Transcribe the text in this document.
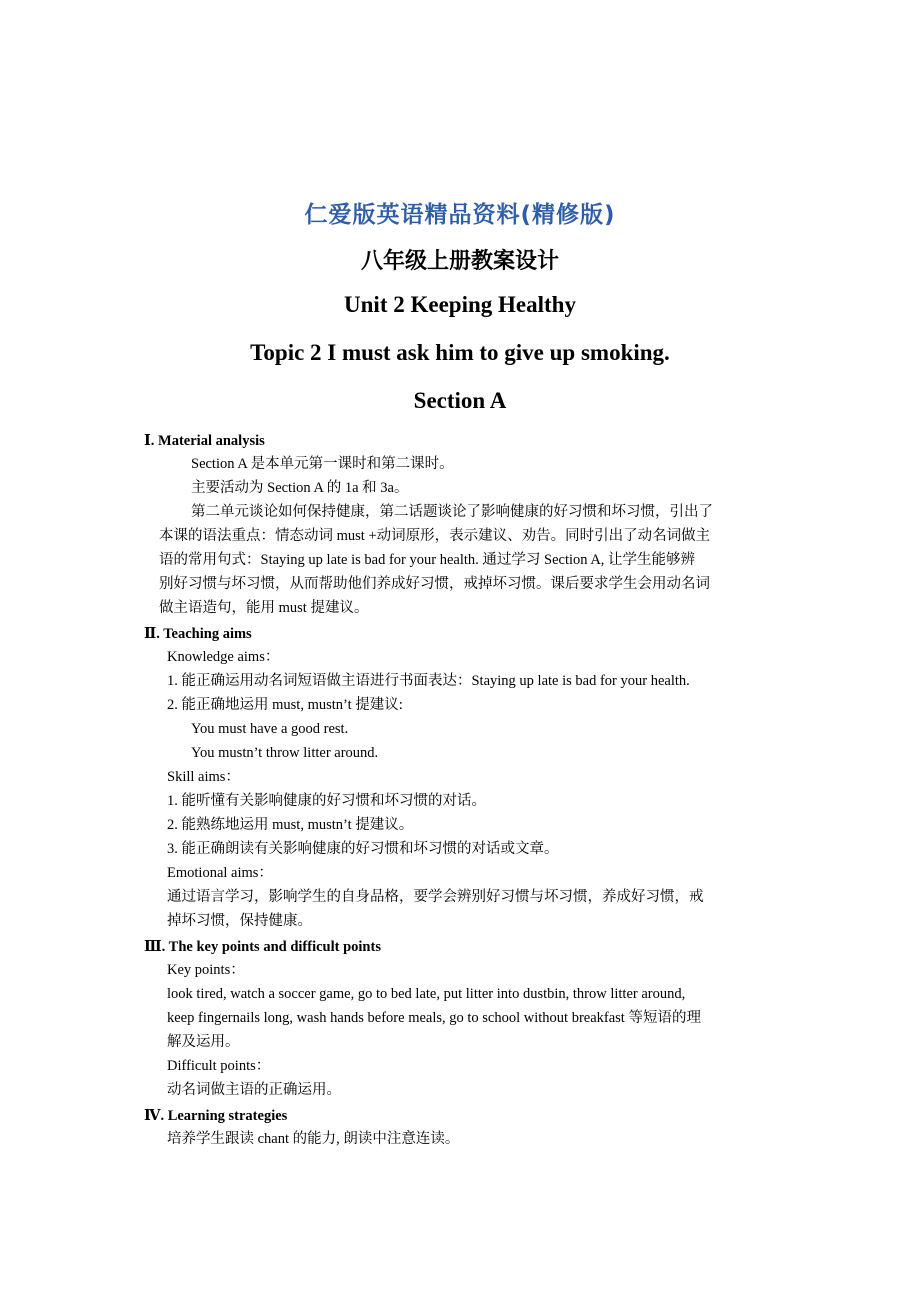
仁爱版英语精品资料(精修版)
八年级上册教案设计
Unit 2 Keeping Healthy
Topic 2 I must ask him to give up smoking.
Section A
Ⅰ. Material analysis
Section A 是本单元第一课时和第二课时。
主要活动为 Section A 的 1a 和 3a。
第二单元谈论如何保持健康，第二话题谈论了影响健康的好习惯和坏习惯，引出了
本课的语法重点：情态动词 must +动词原形，表示建议、劝告。同时引出了动名词做主
语的常用句式：Staying up late is bad for your health. 通过学习 Section A, 让学生能够辨
别好习惯与坏习惯，从而帮助他们养成好习惯，戒掉坏习惯。课后要求学生会用动名词
做主语造句，能用 must 提建议。
Ⅱ. Teaching aims
Knowledge aims：
1. 能正确运用动名词短语做主语进行书面表达：Staying up late is bad for your health.
2. 能正确地运用 must, mustn’t 提建议:
You must have a good rest.
You mustn’t throw litter around.
Skill aims：
1. 能听懂有关影响健康的好习惯和坏习惯的对话。
2. 能熟练地运用 must, mustn’t 提建议。
3. 能正确朗读有关影响健康的好习惯和坏习惯的对话或文章。
Emotional aims：
通过语言学习，影响学生的自身品格，要学会辨别好习惯与坏习惯，养成好习惯，戒
掉坏习惯，保持健康。
Ⅲ. The key points and difficult points
Key points：
look tired, watch a soccer game, go to bed late, put litter into dustbin, throw litter around,
keep fingernails long, wash hands before meals, go to school without breakfast 等短语的理
解及运用。
Difficult points：
动名词做主语的正确运用。
Ⅳ. Learning strategies
培养学生跟读 chant 的能力, 朗读中注意连读。
